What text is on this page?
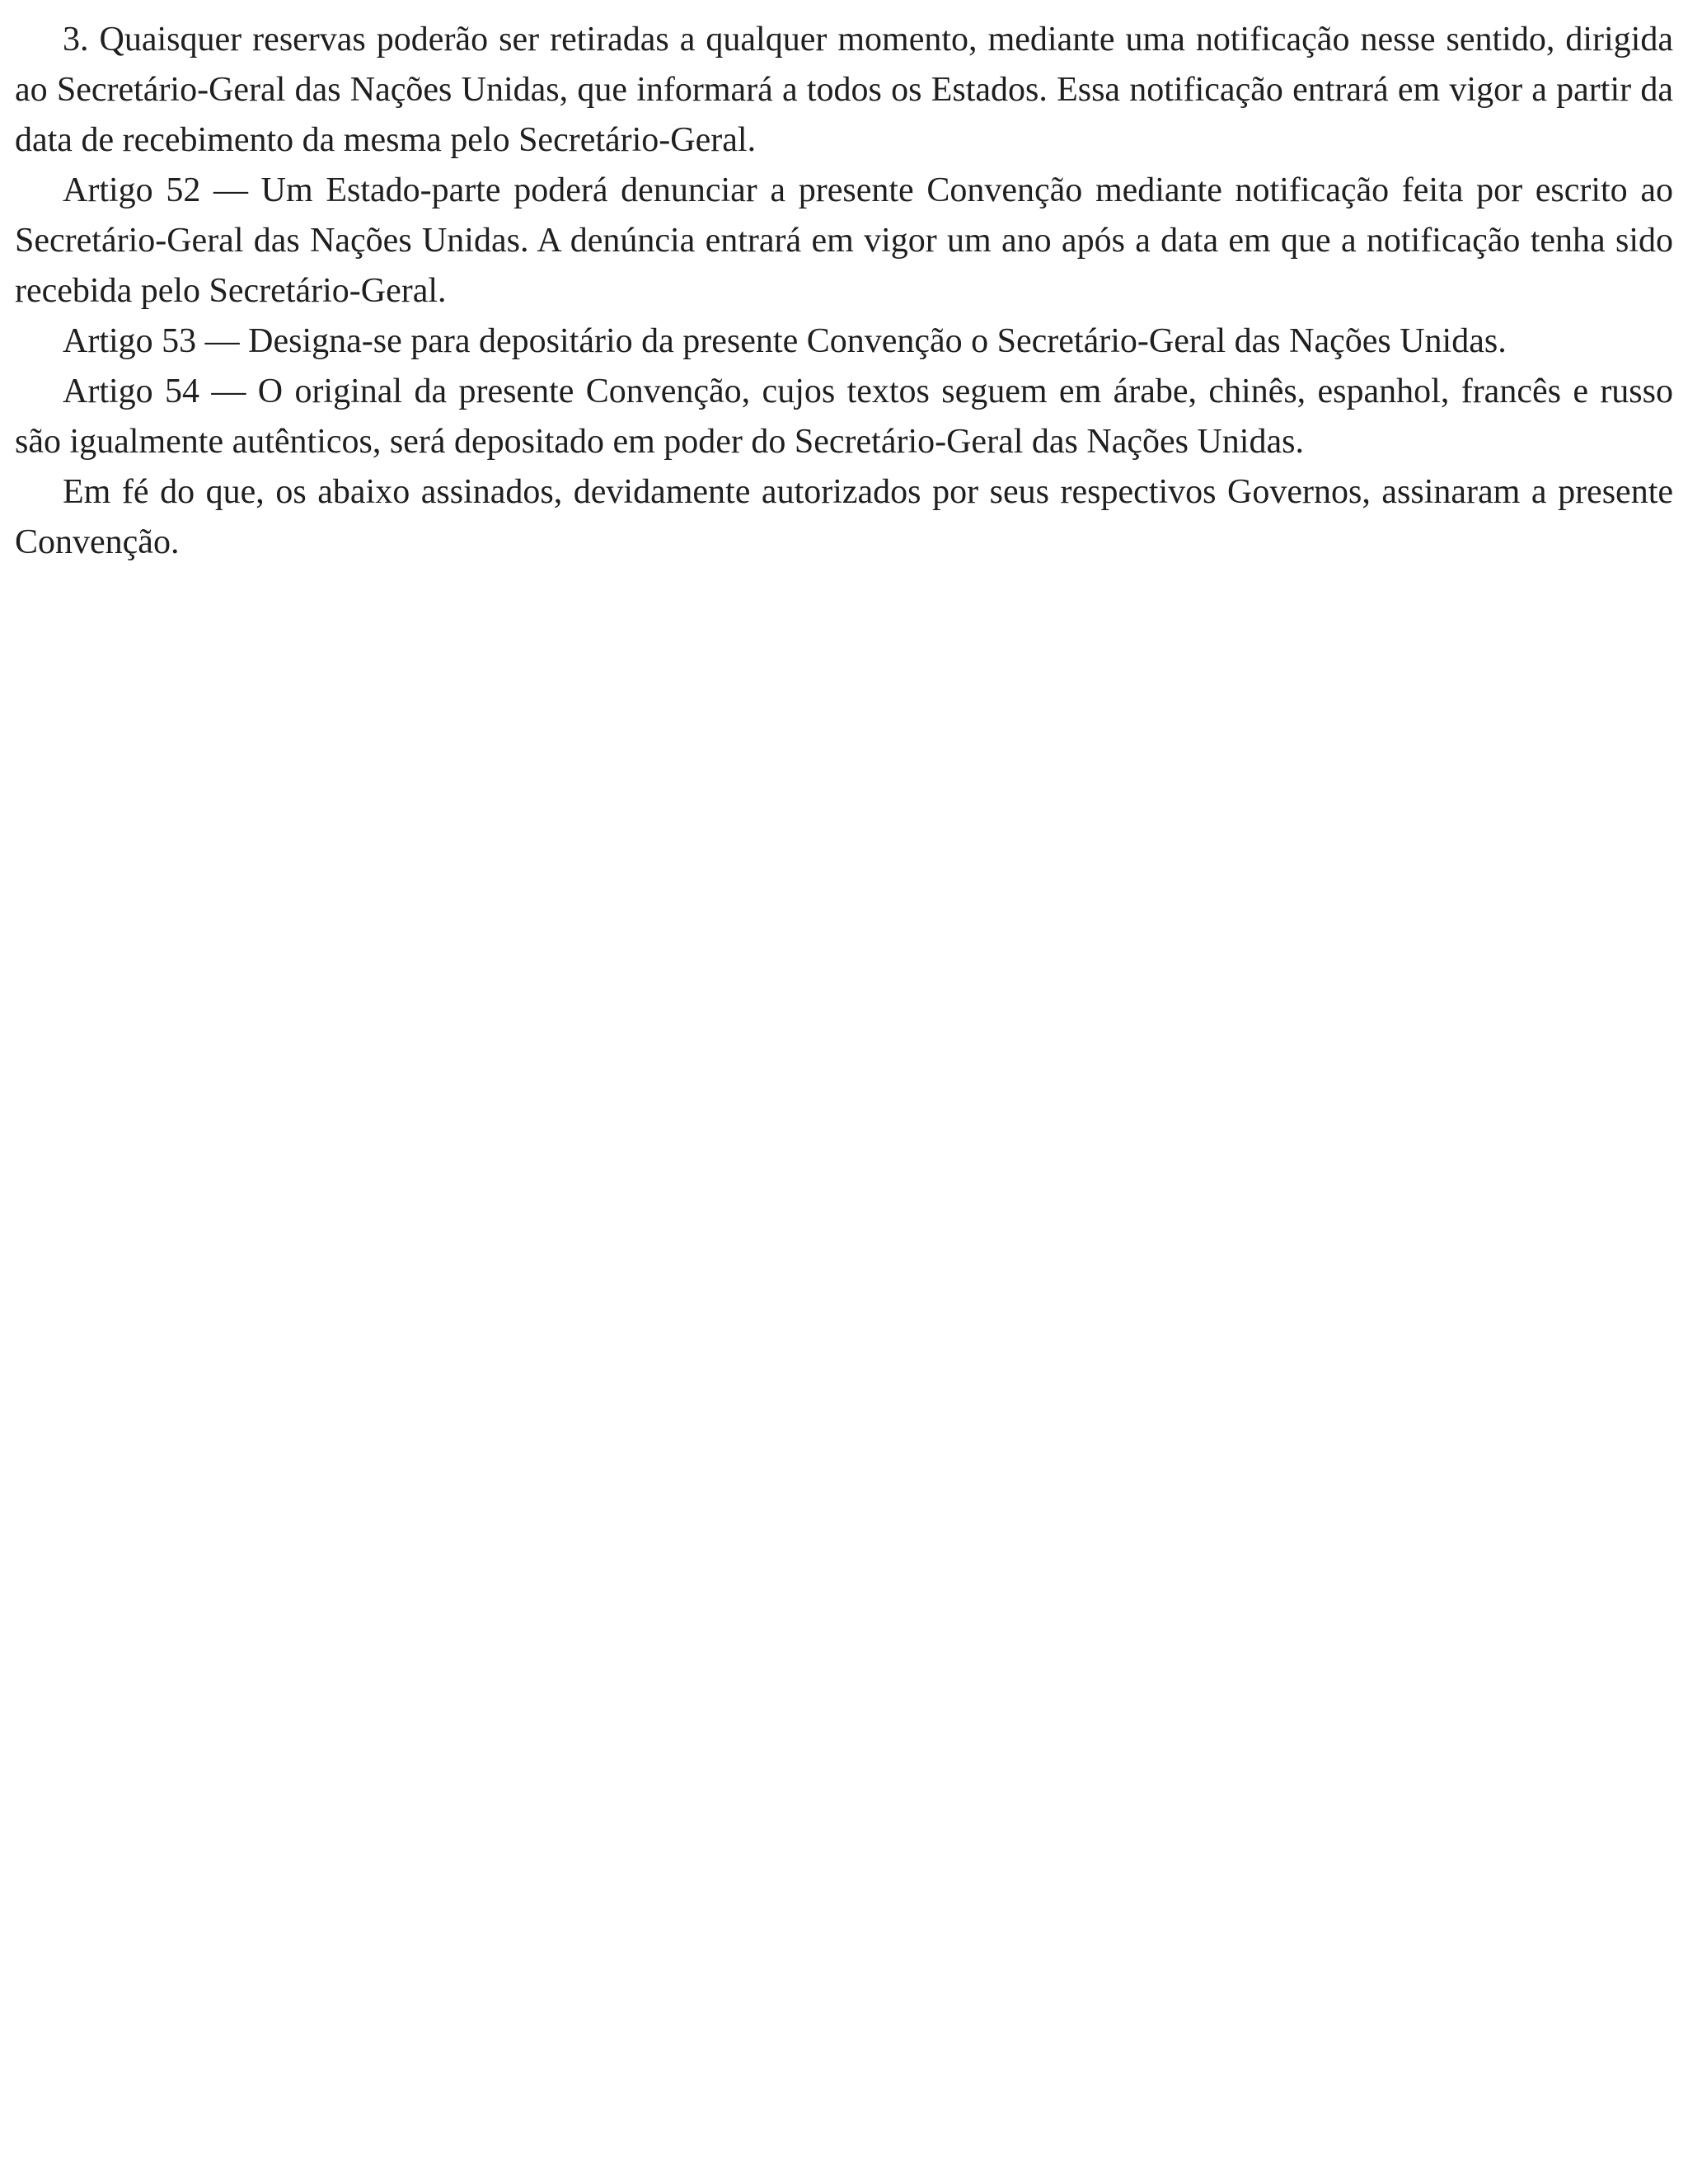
3. Quaisquer reservas poderão ser retiradas a qualquer momento, mediante uma notificação nesse sentido, dirigida ao Secretário-Geral das Nações Unidas, que informará a todos os Estados. Essa notificação entrará em vigor a partir da data de recebimento da mesma pelo Secretário-Geral.

Artigo 52 — Um Estado-parte poderá denunciar a presente Convenção mediante notificação feita por escrito ao Secretário-Geral das Nações Unidas. A denúncia entrará em vigor um ano após a data em que a notificação tenha sido recebida pelo Secretário-Geral.

Artigo 53 — Designa-se para depositário da presente Convenção o Secretário-Geral das Nações Unidas.

Artigo 54 — O original da presente Convenção, cujos textos seguem em árabe, chinês, espanhol, francês e russo são igualmente autênticos, será depositado em poder do Secretário-Geral das Nações Unidas.

Em fé do que, os abaixo assinados, devidamente autorizados por seus respectivos Governos, assinaram a presente Convenção.
